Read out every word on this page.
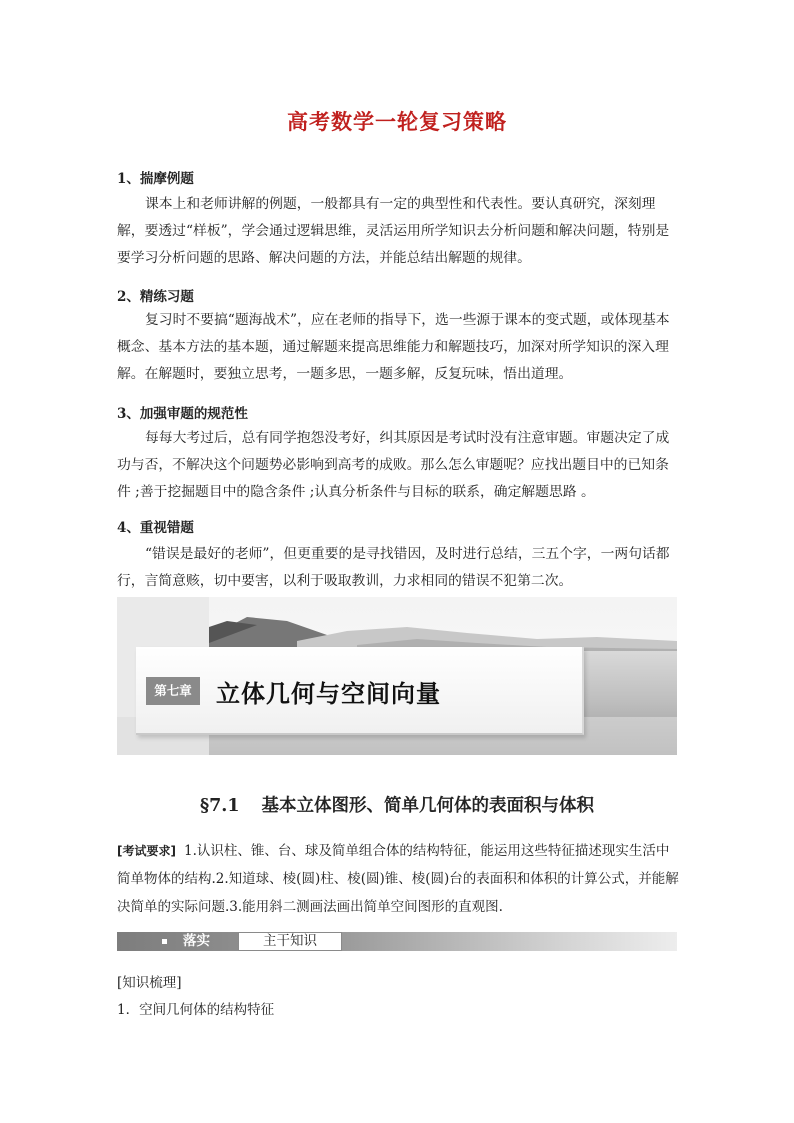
高考数学一轮复习策略
1、揣摩例题
课本上和老师讲解的例题，一般都具有一定的典型性和代表性。要认真研究，深刻理解，要透过“样板”，学会通过逻辑思维，灵活运用所学知识去分析问题和解决问题，特别是要学习分析问题的思路、解决问题的方法，并能总结出解题的规律。
2、精练习题
复习时不要搞“题海战术”，应在老师的指导下，选一些源于课本的变式题，或体现基本概念、基本方法的基本题，通过解题来提高思维能力和解题技巧，加深对所学知识的深入理解。在解题时，要独立思考，一题多思，一题多解，反复玩味，悟出道理。
3、加强审题的规范性
每每大考过后，总有同学抱怨没考好，纠其原因是考试时没有注意审题。审题决定了成功与否，不解决这个问题势必影响到高考的成败。那么怎么审题呢？应找出题目中的已知条件 ;善于挖掘题目中的隐含条件 ;认真分析条件与目标的联系，确定解题思路 。
4、重视错题
“错误是最好的老师”，但更重要的是寻找错因，及时进行总结，三五个字，一两句话都行，言简意赅，切中要害，以利于吸取教训，力求相同的错误不犯第二次。
第七章	立体几何与空间向量
§7.1 基本立体图形、简单几何体的表面积与体积
[考试要求] 1.认识柱、锥、台、球及简单组合体的结构特征，能运用这些特征描述现实生活中简单物体的结构.2.知道球、棱(圆)柱、棱(圆)锥、棱(圆)台的表面积和体积的计算公式，并能解决简单的实际问题.3.能用斜二测画法画出简单空间图形的直观图.
落实	主干知识
[知识梳理]
1．空间几何体的结构特征
